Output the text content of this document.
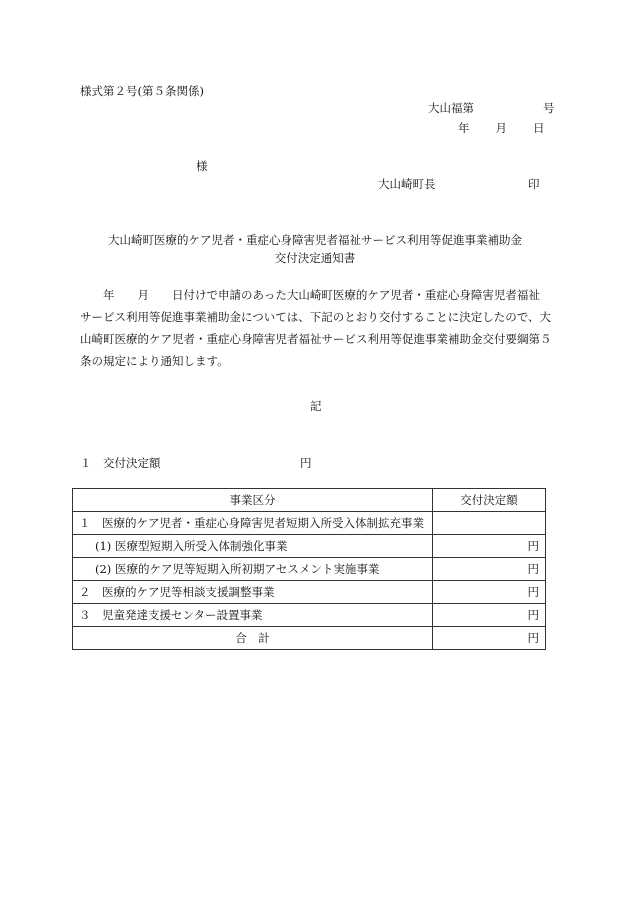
様式第２号(第５条関係)
大山福第　　　　　　号
年　　月　　日
様
大山崎町長	印
大山崎町医療的ケア児者・重症心身障害児者福祉サービス利用等促進事業補助金
交付決定通知書
　　年　　月　　日付けで申請のあった大山崎町医療的ケア児者・重症心身障害児者福祉
サービス利用等促進事業補助金については、下記のとおり交付することに決定したので、大
山崎町医療的ケア児者・重症心身障害児者福祉サービス利用等促進事業補助金交付要綱第５
条の規定により通知します。
記
１　交付決定額	円
事業区分	交付決定額
１　医療的ケア児者・重症心身障害児者短期入所受入体制拡充事業	
(1) 医療型短期入所受入体制強化事業	円
(2) 医療的ケア児等短期入所初期アセスメント実施事業	円
２　医療的ケア児等相談支援調整事業	円
３　児童発達支援センター設置事業	円
合　計	円
